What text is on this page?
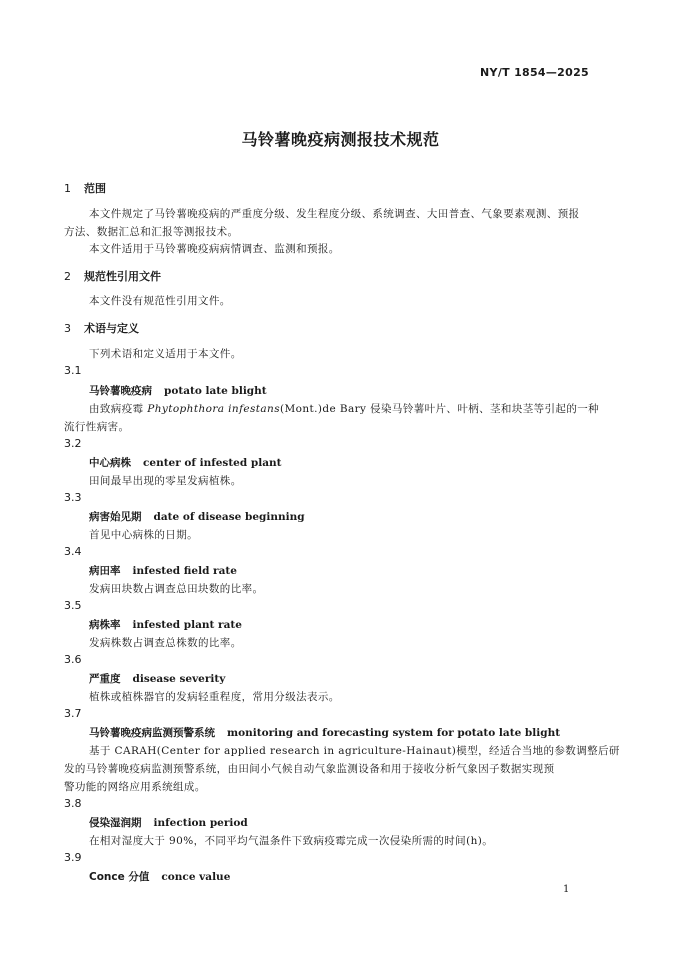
NY/T 1854—2025
马铃薯晚疫病测报技术规范
1 范围
本文件规定了马铃薯晚疫病的严重度分级、发生程度分级、系统调查、大田普查、气象要素观测、预报
方法、数据汇总和汇报等测报技术。
本文件适用于马铃薯晚疫病病情调查、监测和预报。
2 规范性引用文件
本文件没有规范性引用文件。
3 术语与定义
下列术语和定义适用于本文件。
3.1
马铃薯晚疫病 potato late blight
由致病疫霉 Phytophthora infestans(Mont.)de Bary 侵染马铃薯叶片、叶柄、茎和块茎等引起的一种
流行性病害。
3.2
中心病株 center of infested plant
田间最早出现的零星发病植株。
3.3
病害始见期 date of disease beginning
首见中心病株的日期。
3.4
病田率 infested field rate
发病田块数占调查总田块数的比率。
3.5
病株率 infested plant rate
发病株数占调查总株数的比率。
3.6
严重度 disease severity
植株或植株器官的发病轻重程度，常用分级法表示。
3.7
马铃薯晚疫病监测预警系统 monitoring and forecasting system for potato late blight
基于 CARAH(Center for applied research in agriculture-Hainaut)模型，经适合当地的参数调整后研
发的马铃薯晚疫病监测预警系统，由田间小气候自动气象监测设备和用于接收分析气象因子数据实现预
警功能的网络应用系统组成。
3.8
侵染湿润期 infection period
在相对湿度大于 90%，不同平均气温条件下致病疫霉完成一次侵染所需的时间(h)。
3.9
Conce 分值 conce value
1
